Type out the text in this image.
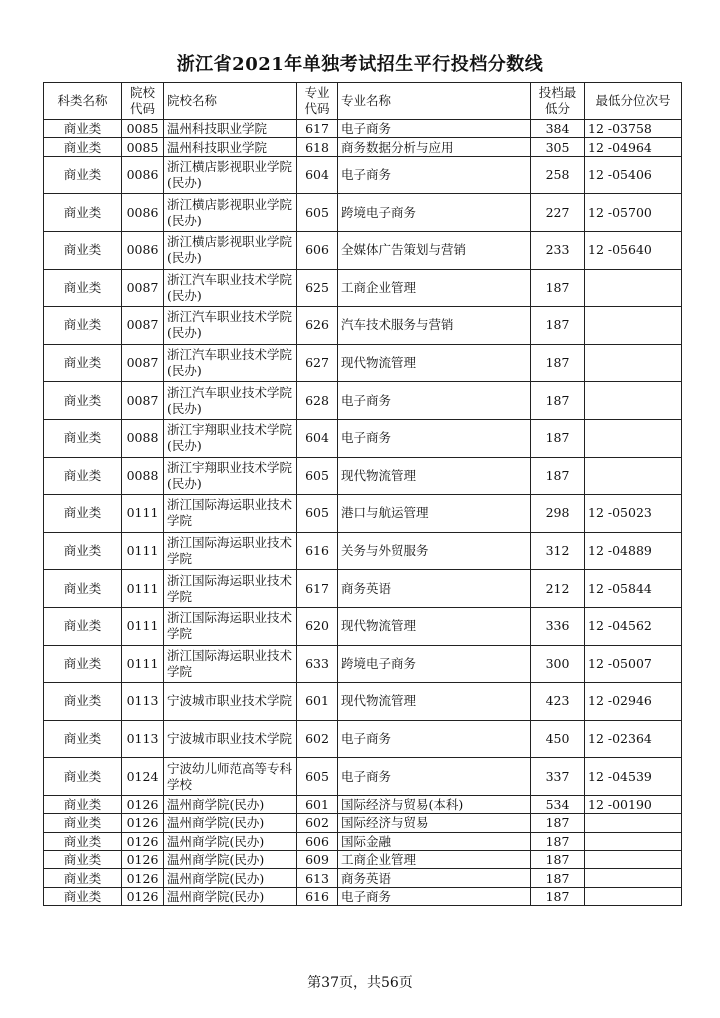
浙江省2021年单独考试招生平行投档分数线
科类名称	院校代码	院校名称	专业代码	专业名称	投档最低分	最低分位次号
商业类	0085	温州科技职业学院	617	电子商务	384	12 -03758
商业类	0085	温州科技职业学院	618	商务数据分析与应用	305	12 -04964
商业类	0086	浙江横店影视职业学院(民办)	604	电子商务	258	12 -05406
商业类	0086	浙江横店影视职业学院(民办)	605	跨境电子商务	227	12 -05700
商业类	0086	浙江横店影视职业学院(民办)	606	全媒体广告策划与营销	233	12 -05640
商业类	0087	浙江汽车职业技术学院(民办)	625	工商企业管理	187	
商业类	0087	浙江汽车职业技术学院(民办)	626	汽车技术服务与营销	187	
商业类	0087	浙江汽车职业技术学院(民办)	627	现代物流管理	187	
商业类	0087	浙江汽车职业技术学院(民办)	628	电子商务	187	
商业类	0088	浙江宇翔职业技术学院(民办)	604	电子商务	187	
商业类	0088	浙江宇翔职业技术学院(民办)	605	现代物流管理	187	
商业类	0111	浙江国际海运职业技术学院	605	港口与航运管理	298	12 -05023
商业类	0111	浙江国际海运职业技术学院	616	关务与外贸服务	312	12 -04889
商业类	0111	浙江国际海运职业技术学院	617	商务英语	212	12 -05844
商业类	0111	浙江国际海运职业技术学院	620	现代物流管理	336	12 -04562
商业类	0111	浙江国际海运职业技术学院	633	跨境电子商务	300	12 -05007
商业类	0113	宁波城市职业技术学院	601	现代物流管理	423	12 -02946
商业类	0113	宁波城市职业技术学院	602	电子商务	450	12 -02364
商业类	0124	宁波幼儿师范高等专科学校	605	电子商务	337	12 -04539
商业类	0126	温州商学院(民办)	601	国际经济与贸易(本科)	534	12 -00190
商业类	0126	温州商学院(民办)	602	国际经济与贸易	187	
商业类	0126	温州商学院(民办)	606	国际金融	187	
商业类	0126	温州商学院(民办)	609	工商企业管理	187	
商业类	0126	温州商学院(民办)	613	商务英语	187	
商业类	0126	温州商学院(民办)	616	电子商务	187	
第37页，共56页
